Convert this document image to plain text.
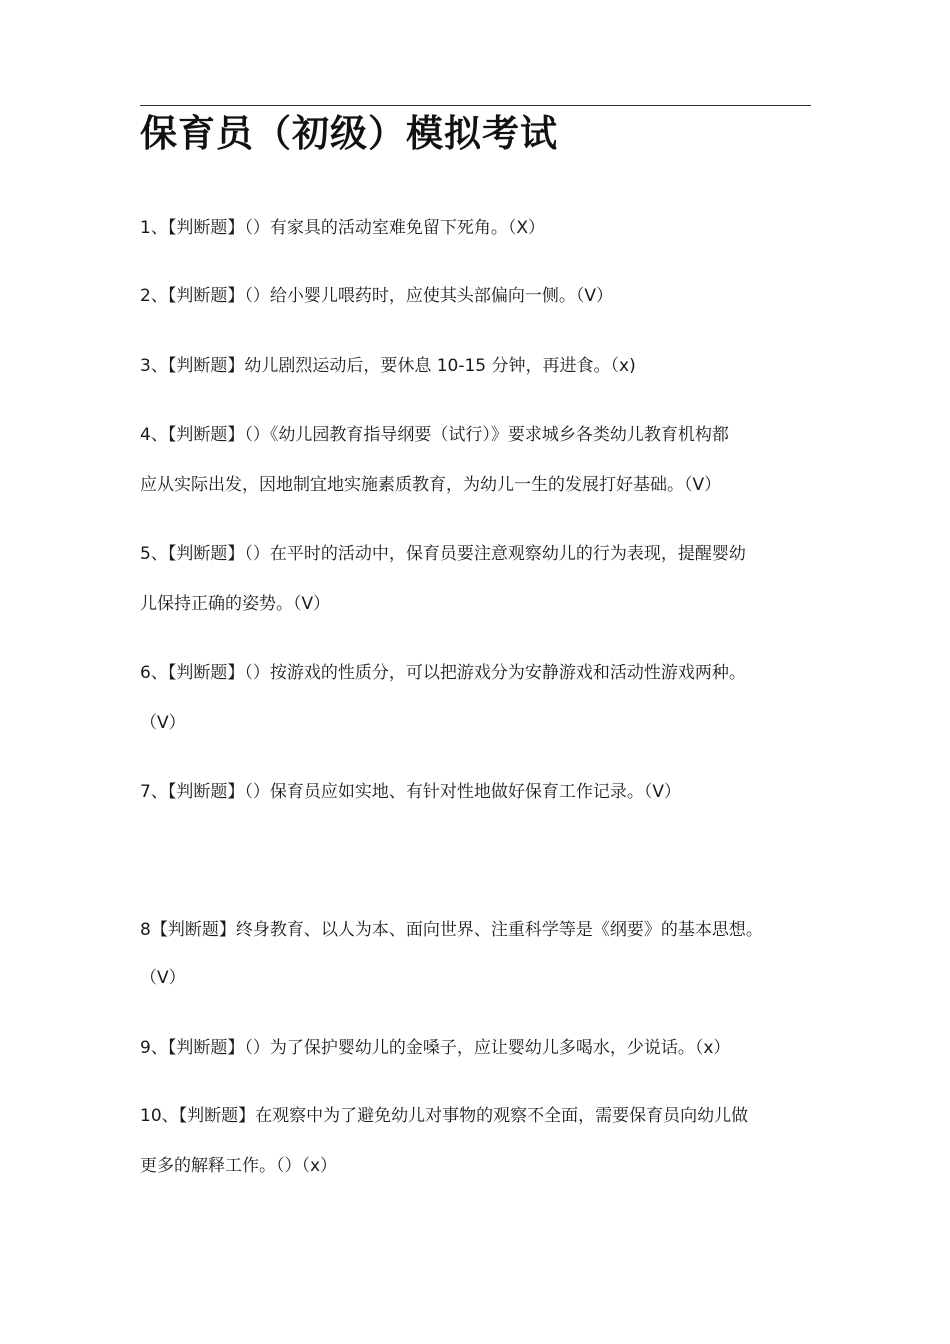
保育员（初级）模拟考试
1、【判断题】（）有家具的活动室难免留下死角。（X）
2、【判断题】（）给小婴儿喂药时，应使其头部偏向一侧。（V）
3、【判断题】幼儿剧烈运动后，要休息 10-15 分钟，再进食。（x)
4、【判断题】（）《幼儿园教育指导纲要（试行）》要求城乡各类幼儿教育机构都
应从实际出发，因地制宜地实施素质教育，为幼儿一生的发展打好基础。（V）
5、【判断题】（）在平时的活动中，保育员要注意观察幼儿的行为表现，提醒婴幼
儿保持正确的姿势。（V）
6、【判断题】（）按游戏的性质分，可以把游戏分为安静游戏和活动性游戏两种。
（V）
7、【判断题】（）保育员应如实地、有针对性地做好保育工作记录。（V）
8【判断题】终身教育、以人为本、面向世界、注重科学等是《纲要》的基本思想。
（V）
9、【判断题】（）为了保护婴幼儿的金嗓子，应让婴幼儿多喝水，少说话。（x）
10、【判断题】在观察中为了避免幼儿对事物的观察不全面，需要保育员向幼儿做
更多的解释工作。（）（x）
